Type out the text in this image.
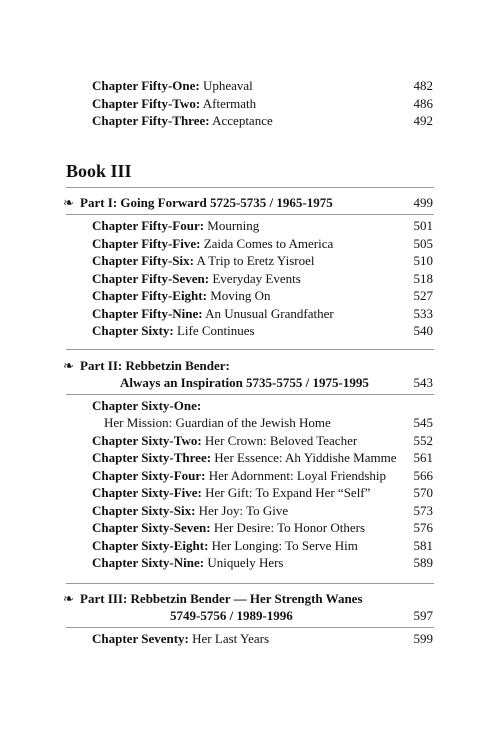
Chapter Fifty-One: Upheaval	482
Chapter Fifty-Two: Aftermath	486
Chapter Fifty-Three: Acceptance	492
Book III
❧ Part I: Going Forward 5725-5735 / 1965-1975	499
Chapter Fifty-Four: Mourning	501
Chapter Fifty-Five: Zaida Comes to America	505
Chapter Fifty-Six: A Trip to Eretz Yisroel	510
Chapter Fifty-Seven: Everyday Events	518
Chapter Fifty-Eight: Moving On	527
Chapter Fifty-Nine: An Unusual Grandfather	533
Chapter Sixty: Life Continues	540
❧ Part II: Rebbetzin Bender:
Always an Inspiration 5735-5755 / 1975-1995	543
Chapter Sixty-One:
Her Mission: Guardian of the Jewish Home	545
Chapter Sixty-Two: Her Crown: Beloved Teacher	552
Chapter Sixty-Three: Her Essence: Ah Yiddishe Mamme 561
Chapter Sixty-Four: Her Adornment: Loyal Friendship 566
Chapter Sixty-Five: Her Gift: To Expand Her “Self”	570
Chapter Sixty-Six: Her Joy: To Give	573
Chapter Sixty-Seven: Her Desire: To Honor Others	576
Chapter Sixty-Eight: Her Longing: To Serve Him	581
Chapter Sixty-Nine: Uniquely Hers	589
❧ Part III: Rebbetzin Bender — Her Strength Wanes
5749-5756 / 1989-1996	597
Chapter Seventy: Her Last Years	599
